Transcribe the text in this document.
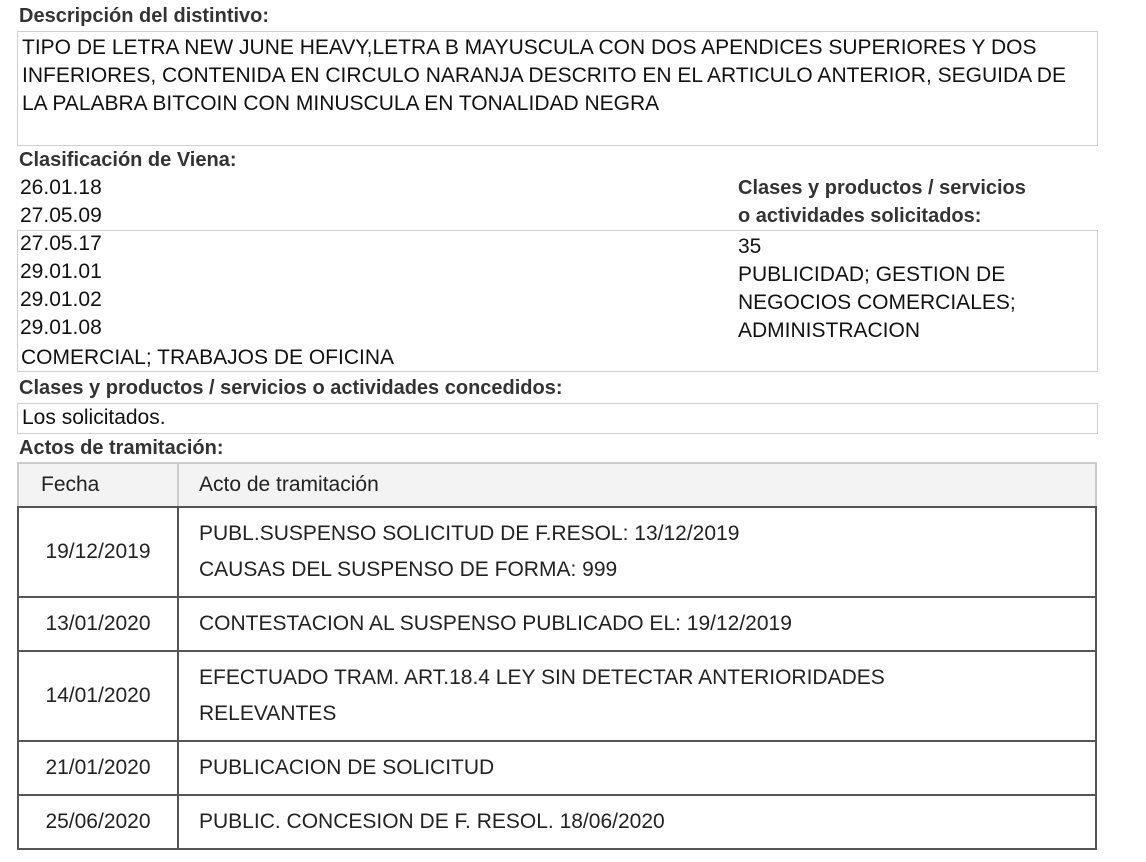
Descripción del distintivo:
TIPO DE LETRA NEW JUNE HEAVY,LETRA B MAYUSCULA CON DOS APENDICES SUPERIORES Y DOS INFERIORES, CONTENIDA EN CIRCULO NARANJA DESCRITO EN EL ARTICULO ANTERIOR, SEGUIDA DE LA PALABRA BITCOIN CON MINUSCULA EN TONALIDAD NEGRA
Clasificación de Viena:
26.01.18
27.05.09
27.05.17
29.01.01
29.01.02
29.01.08
COMERCIAL; TRABAJOS DE OFICINA
Clases y productos / servicios
o actividades solicitados:
35
PUBLICIDAD; GESTION DE
NEGOCIOS COMERCIALES;
ADMINISTRACION
Clases y productos / servicios o actividades concedidos:
Los solicitados.
Actos de tramitación:
Fecha	Acto de tramitación
19/12/2019	PUBL.SUSPENSO SOLICITUD DE F.RESOL: 13/12/2019
CAUSAS DEL SUSPENSO DE FORMA: 999

13/01/2020	CONTESTACION AL SUSPENSO PUBLICADO EL: 19/12/2019

14/01/2020	EFECTUADO TRAM. ART.18.4 LEY SIN DETECTAR ANTERIORIDADES
RELEVANTES

21/01/2020	PUBLICACION DE SOLICITUD

25/06/2020	PUBLIC. CONCESION DE F. RESOL. 18/06/2020
